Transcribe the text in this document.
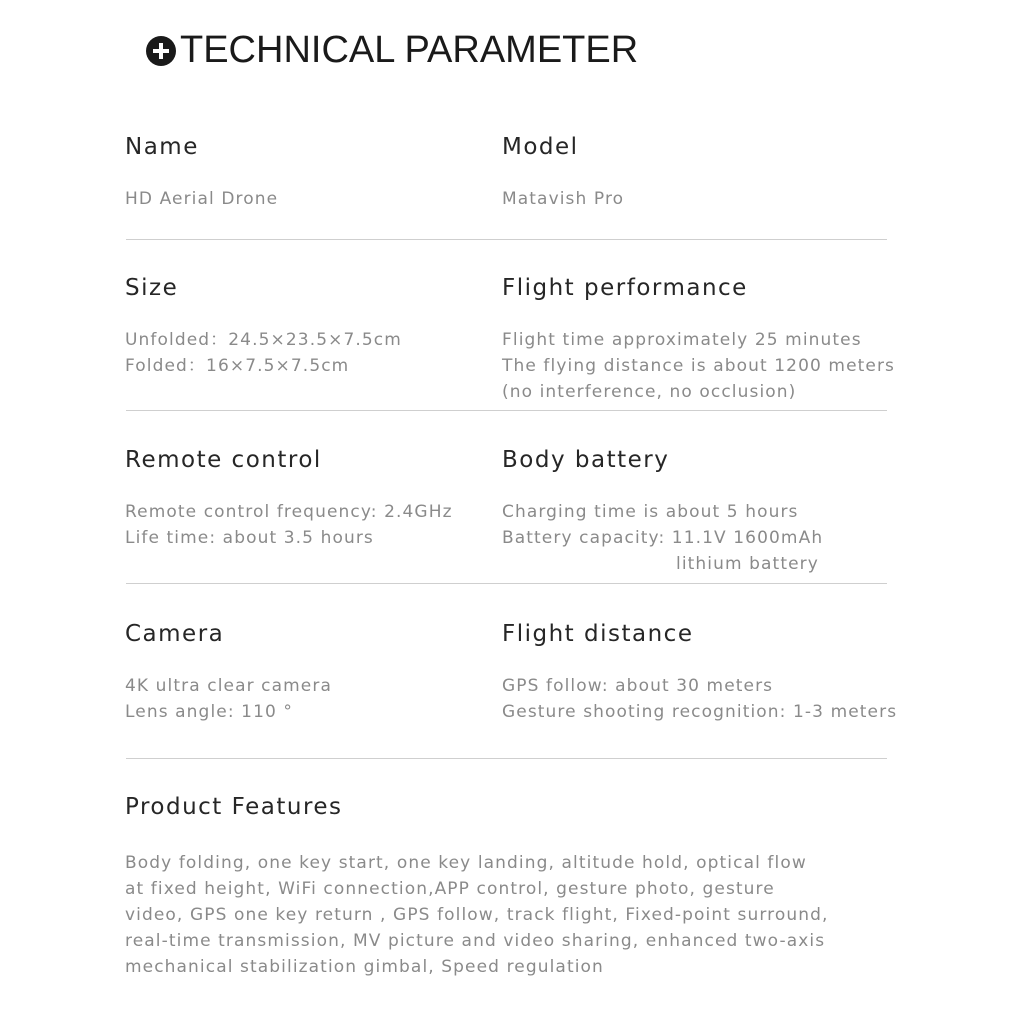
TECHNICAL PARAMETER
Name
HD Aerial Drone
Model
Matavish Pro
Size
Unfolded：24.5×23.5×7.5cm
Folded：16×7.5×7.5cm
Flight performance
Flight time approximately 25 minutes
The flying distance is about 1200 meters
(no interference, no occlusion)
Remote control
Remote control frequency: 2.4GHz
Life time: about 3.5 hours
Body battery
Charging time is about 5 hours
Battery capacity: 11.1V 1600mAh
lithium battery
Camera
4K ultra clear camera
Lens angle: 110 °
Flight distance
GPS follow: about 30 meters
Gesture shooting recognition: 1-3 meters
Product Features
Body folding, one key start, one key landing, altitude hold, optical flow
at fixed height, WiFi connection,APP control, gesture photo, gesture
video, GPS one key return , GPS follow, track flight, Fixed-point surround,
real-time transmission, MV picture and video sharing, enhanced two-axis
mechanical stabilization gimbal, Speed regulation
